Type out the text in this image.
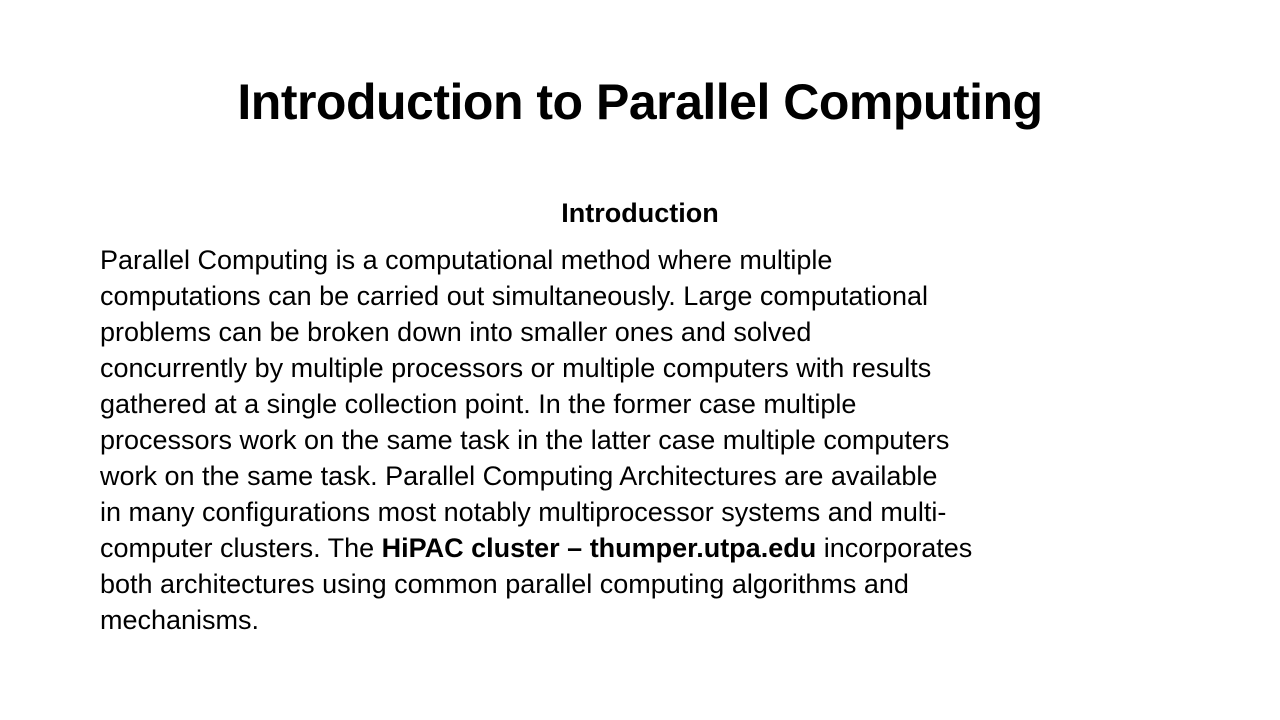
Introduction to Parallel Computing
Introduction
Parallel Computing is a computational method where multiple
computations can be carried out simultaneously. Large computational
problems can be broken down into smaller ones and solved
concurrently by multiple processors or multiple computers with results
gathered at a single collection point. In the former case multiple
processors work on the same task in the latter case multiple computers
work on the same task. Parallel Computing Architectures are available
in many configurations most notably multiprocessor systems and multi-
computer clusters. The HiPAC cluster – thumper.utpa.edu incorporates
both architectures using common parallel computing algorithms and
mechanisms.
